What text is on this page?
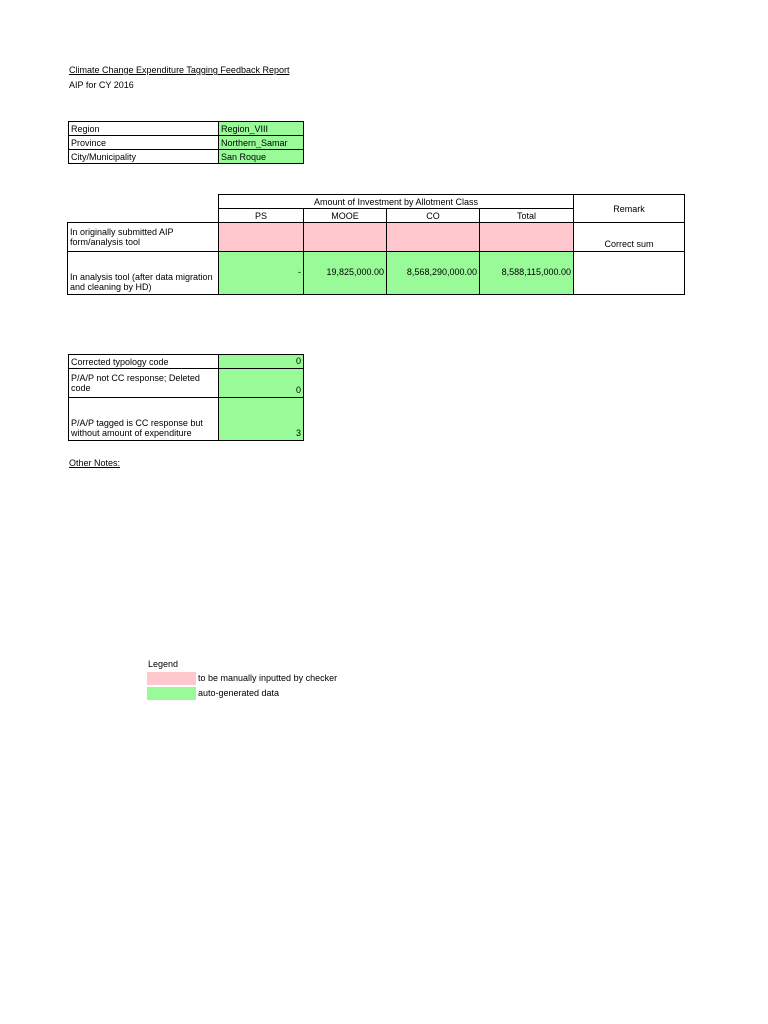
Climate Change Expenditure Tagging Feedback Report
AIP for CY 2016
Region	Region_VIII
Province	Northern_Samar
City/Municipality	San Roque
	Amount of Investment by Allotment Class				Remark
	PS	MOOE	CO	Total	
In originally submitted AIP form/analysis tool					Correct sum
In analysis tool (after data migration and cleaning by HD)	-	19,825,000.00	8,568,290,000.00	8,588,115,000.00	
Corrected typology code	0
P/A/P not CC response; Deleted code	0
P/A/P tagged is CC response but without amount of expenditure	3
Other Notes:
Legend
to be manually inputted by checker
auto-generated data
